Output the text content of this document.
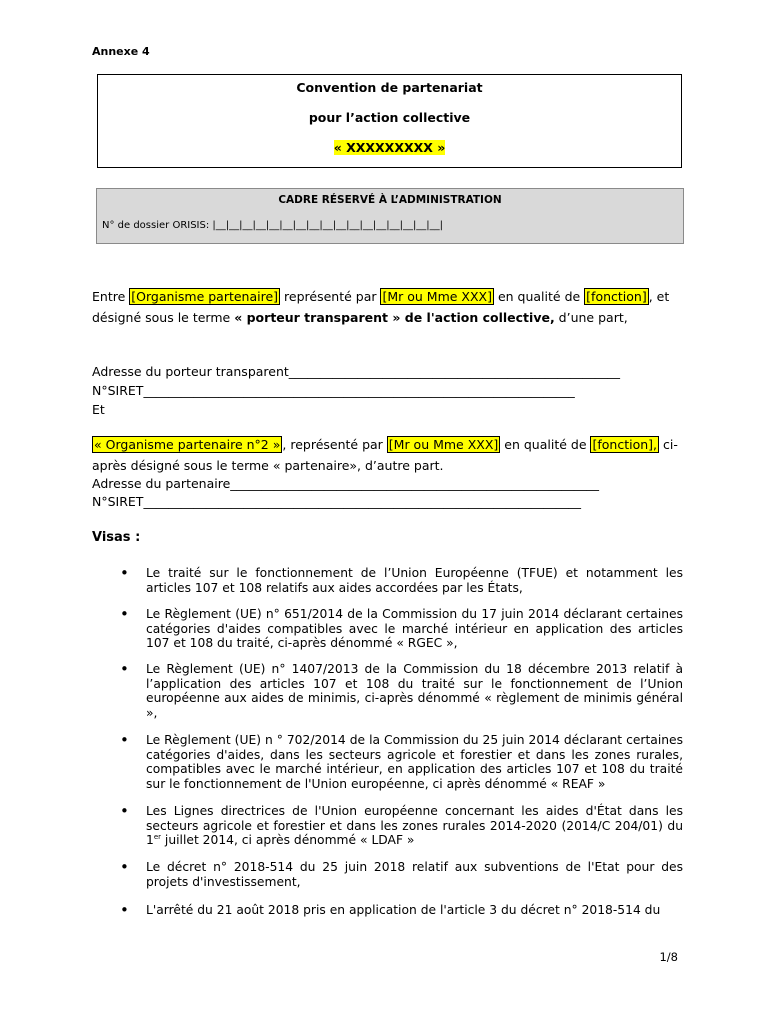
Annexe 4
Convention de partenariat
pour l’action collective
« XXXXXXXXX »
CADRE RÉSERVÉ À L’ADMINISTRATION
N° de dossier ORISIS: |__|__|__|__|__|__|__|__|__|__|__|__|__|__|__|__|__|
Entre [Organisme partenaire] représenté par [Mr ou Mme XXX] en qualité de [fonction] , et
désigné sous le terme « porteur transparent » de l'action collective, d’une part,
Adresse du porteur transparent_____________________________________________________
N°SIRET_____________________________________________________________________
Et
« Organisme partenaire n°2 » , représenté par [Mr ou Mme XXX] en qualité de [fonction], ci-
après désigné sous le terme « partenaire», d’autre part.
Adresse du partenaire___________________________________________________________
N°SIRET______________________________________________________________________
Visas :
• Le traité sur le fonctionnement de l’Union Européenne (TFUE) et notamment les articles 107 et 108 relatifs aux aides accordées par les États,
• Le Règlement (UE) n° 651/2014 de la Commission du 17 juin 2014 déclarant certaines catégories d'aides compatibles avec le marché intérieur en application des articles 107 et 108 du traité, ci-après dénommé « RGEC »,
• Le Règlement (UE) n° 1407/2013 de la Commission du 18 décembre 2013 relatif à l’application des articles 107 et 108 du traité sur le fonctionnement de l’Union européenne aux aides de minimis, ci-après dénommé « règlement de minimis général »,
• Le Règlement (UE) n ° 702/2014 de la Commission du 25 juin 2014 déclarant certaines catégories d'aides, dans les secteurs agricole et forestier et dans les zones rurales, compatibles avec le marché intérieur, en application des articles 107 et 108 du traité sur le fonctionnement de l'Union européenne, ci après dénommé « REAF »
• Les Lignes directrices de l'Union européenne concernant les aides d'État dans les secteurs agricole et forestier et dans les zones rurales 2014-2020 (2014/C 204/01) du 1er juillet 2014, ci après dénommé « LDAF »
• Le décret n° 2018-514 du 25 juin 2018 relatif aux subventions de l'Etat pour des projets d'investissement,
• L'arrêté du 21 août 2018 pris en application de l'article 3 du décret n° 2018-514 du
1/8
